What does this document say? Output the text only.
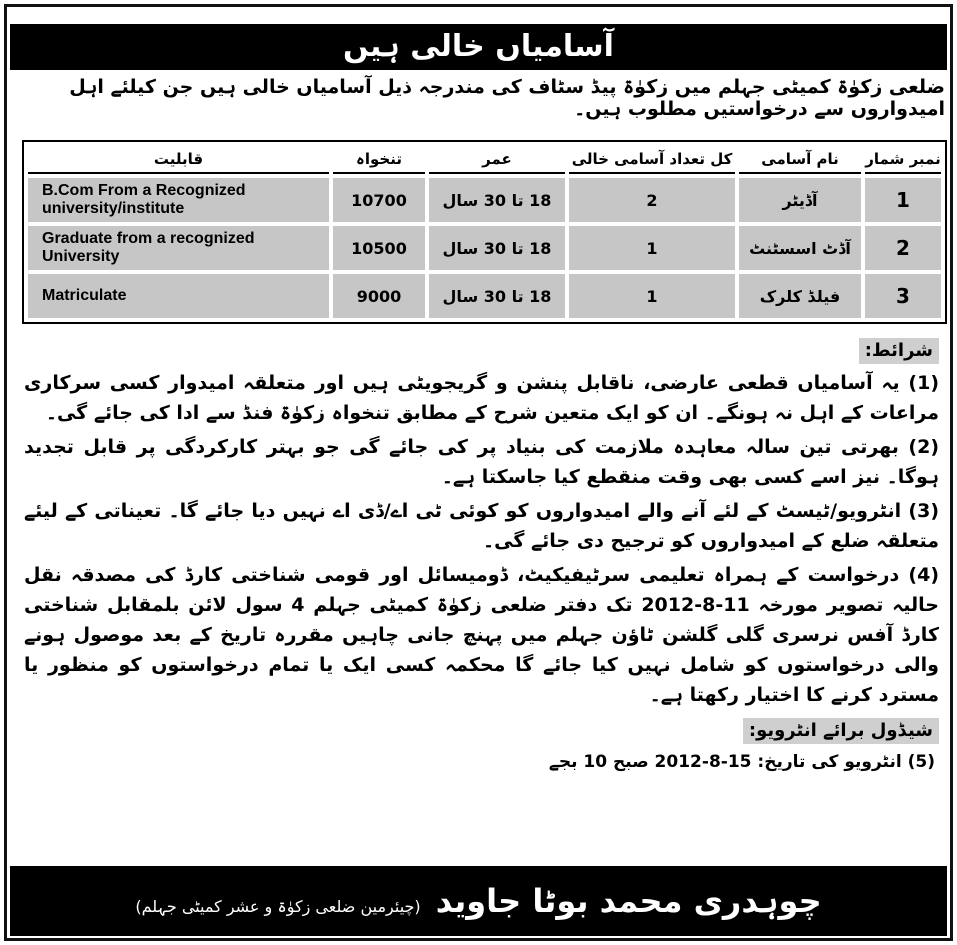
آسامیاں خالی ہیں
ضلعی زکوٰۃ کمیٹی جہلم میں زکوٰۃ پیڈ سٹاف کی مندرجہ ذیل آسامیاں خالی ہیں جن کیلئے اہل امیدواروں سے درخواستیں مطلوب ہیں۔
نمبر شمار	نام آسامی	کل تعداد آسامی خالی	عمر	تنخواہ	قابلیت
1	آڈیٹر	2	18 تا 30 سال	10700	B.Com From a Recognized university/institute
2	آڈٹ اسسٹنٹ	1	18 تا 30 سال	10500	Graduate from a recognized University
3	فیلڈ کلرک	1	18 تا 30 سال	9000	Matriculate
شرائط:
(1) یہ آسامیاں قطعی عارضی، ناقابل پنشن و گریجویٹی ہیں اور متعلقہ امیدوار کسی سرکاری مراعات کے اہل نہ ہونگے۔ ان کو ایک متعین شرح کے مطابق تنخواہ زکوٰۃ فنڈ سے ادا کی جائے گی۔
(2) بھرتی تین سالہ معاہدہ ملازمت کی بنیاد پر کی جائے گی جو بہتر کارکردگی پر قابل تجدید ہوگا۔ نیز اسے کسی بھی وقت منقطع کیا جاسکتا ہے۔
(3) انٹرویو/ٹیسٹ کے لئے آنے والے امیدواروں کو کوئی ٹی اے/ڈی اے نہیں دیا جائے گا۔ تعیناتی کے لیئے متعلقہ ضلع کے امیدواروں کو ترجیح دی جائے گی۔
(4) درخواست کے ہمراہ تعلیمی سرٹیفیکیٹ، ڈومیسائل اور قومی شناختی کارڈ کی مصدقہ نقل حالیہ تصویر مورخہ 11-8-2012 تک دفتر ضلعی زکوٰۃ کمیٹی جہلم 4 سول لائن بلمقابل شناختی کارڈ آفس نرسری گلی گلشن ٹاؤن جہلم میں پہنچ جانی چاہیں مقررہ تاریخ کے بعد موصول ہونے والی درخواستوں کو شامل نہیں کیا جائے گا محکمہ کسی ایک یا تمام درخواستوں کو منظور یا مسترد کرنے کا اختیار رکھتا ہے۔
شیڈول برائے انٹرویو:
(5) انٹرویو کی تاریخ: 15-8-2012 صبح 10 بجے
چوہدری محمد بوٹا جاوید (چیئرمین ضلعی زکوٰۃ و عشر کمیٹی جہلم)
